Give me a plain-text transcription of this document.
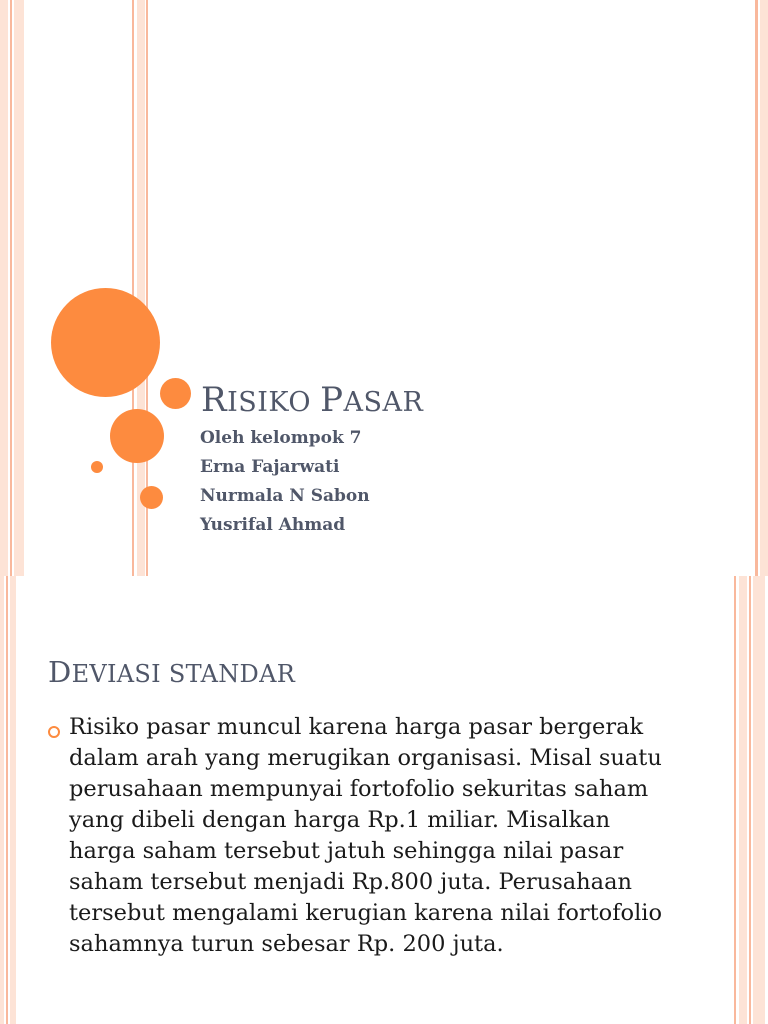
RISIKO PASAR
Oleh kelompok 7
Erna Fajarwati
Nurmala N Sabon
Yusrifal Ahmad
DEVIASI STANDAR
Risiko pasar muncul karena harga pasar bergerak dalam arah yang merugikan organisasi. Misal suatu perusahaan mempunyai fortofolio sekuritas saham yang dibeli dengan harga Rp.1 miliar. Misalkan harga saham tersebut jatuh sehingga nilai pasar saham tersebut menjadi Rp.800 juta. Perusahaan tersebut mengalami kerugian karena nilai fortofolio sahamnya turun sebesar Rp. 200 juta.
